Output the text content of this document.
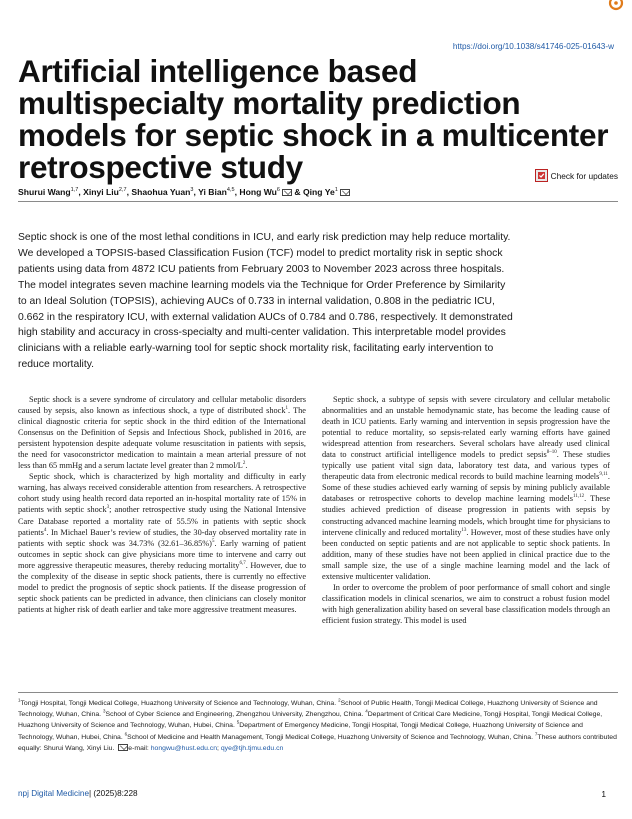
https://doi.org/10.1038/s41746-025-01643-w
Artificial intelligence based multispecialty mortality prediction models for septic shock in a multicenter retrospective study	Check for updates
Shurui Wang$^{1,7}$, Xinyi Liu$^{2,7}$, Shaohua Yuan$^3$, Yi Bian$^{4,5}$, Hong Wu$^6$ & Qing Ye$^1$
Septic shock is one of the most lethal conditions in ICU, and early risk prediction may help reduce mortality. We developed a TOPSIS-based Classification Fusion (TCF) model to predict mortality risk in septic shock patients using data from 4872 ICU patients from February 2003 to November 2023 across three hospitals. The model integrates seven machine learning models via the Technique for Order Preference by Similarity to an Ideal Solution (TOPSIS), achieving AUCs of 0.733 in internal validation, 0.808 in the pediatric ICU, 0.662 in the respiratory ICU, with external validation AUCs of 0.784 and 0.786, respectively. It demonstrated high stability and accuracy in cross-specialty and multi-center validation. This interpretable model provides clinicians with a reliable early-warning tool for septic shock mortality risk, facilitating early intervention to reduce mortality.

Septic shock is a severe syndrome of circulatory and cellular metabolic disorders caused by sepsis, also known as infectious shock, a type of distributed shock$^1$. The clinical diagnostic criteria for septic shock in the third edition of the International Consensus on the Definition of Sepsis and Infectious Shock, published in 2016, are persistent hypotension despite adequate volume resuscitation in patients with sepsis, the need for vasoconstrictor medication to maintain a mean arterial pressure of not less than 65 mmHg and a serum lactate level greater than 2 mmol/$L^2$.

Septic shock, which is characterized by high mortality and difficulty in early warning, has always received considerable attention from researchers. A retrospective cohort study using health record data reported an in-hospital mortality rate of 15% in patients with septic shock$^3$; another retrospective study using the National Intensive Care Database reported a mortality rate of 55.5% in patients with septic shock patients$^4$. In Michael Bauer’s review of studies, the 30-day observed mortality rate in patients with septic shock was 34.73% $(32.61-36.85\%)^5$. Early warning of patient outcomes in septic shock can give physicians more time to intervene and carry out more aggressive therapeutic measures, thereby reducing mortality$^{6,7}$. However, due to the complexity of the disease in septic shock patients, there is currently no effective model to predict the prognosis of septic shock patients. If the disease progression of septic shock patients can be predicted in advance, then clinicians can closely monitor patients at higher risk of death earlier and take more aggressive treatment measures.

Septic shock, a subtype of sepsis with severe circulatory and cellular metabolic abnormalities and an unstable hemodynamic state, has become the leading cause of death in ICU patients. Early warning and intervention in sepsis progression have the potential to reduce mortality, so sepsis-related early warning efforts have gained widespread attention from researchers. Several scholars have already used clinical data to construct artificial intelligence models to predict sepsis$^{8-10}$. These studies typically use patient vital sign data, laboratory test data, and various types of therapeutic data from electronic medical records to build machine learning models$^{9,11}$. Some of these studies achieved early warning of sepsis by mining publicly available databases or retrospective cohorts to develop machine learning models$^{11,12}$. These studies achieved prediction of disease progression in patients with sepsis by constructing advanced machine learning models, which brought time for physicians to intervene clinically and reduced mortality$^{13}$. However, most of these studies have only been conducted on septic patients and are not applicable to septic shock patients. In addition, many of these studies have not been applied in clinical practice due to the small sample size, the use of a single machine learning model and the lack of extensive multicenter validation.

In order to overcome the problem of poor performance of small cohort and single classification models in clinical scenarios, we aim to construct a robust fusion model with high generalization ability based on several base classification models through an efficient fusion strategy. This model is used

$^1$Tongji Hospital, Tongji Medical College, Huazhong University of Science and Technology, Wuhan, China. $^2$School of Public Health, Tongji Medical College, Huazhong University of Science and Technology, Wuhan, China. $^3$School of Cyber Science and Engineering, Zhengzhou University, Zhengzhou, China. $^4$Department of Critical Care Medicine, Tongji Hospital, Tongji Medical College, Huazhong University of Science and Technology, Wuhan, Hubei, China. $^5$Department of Emergency Medicine, Tongji Hospital, Tongji Medical College, Huazhong University of Science and Technology, Wuhan, Hubei, China. $^6$School of Medicine and Health Management, Tongji Medical College, Huazhong University of Science and Technology, Wuhan, China. $^7$These authors contributed equally: Shurui Wang, Xinyi Liu. e-mail: hongwu@hust.edu.cn; qye@tjh.tjmu.edu.cn
npj Digital Medicine| (2025)8:228	1
